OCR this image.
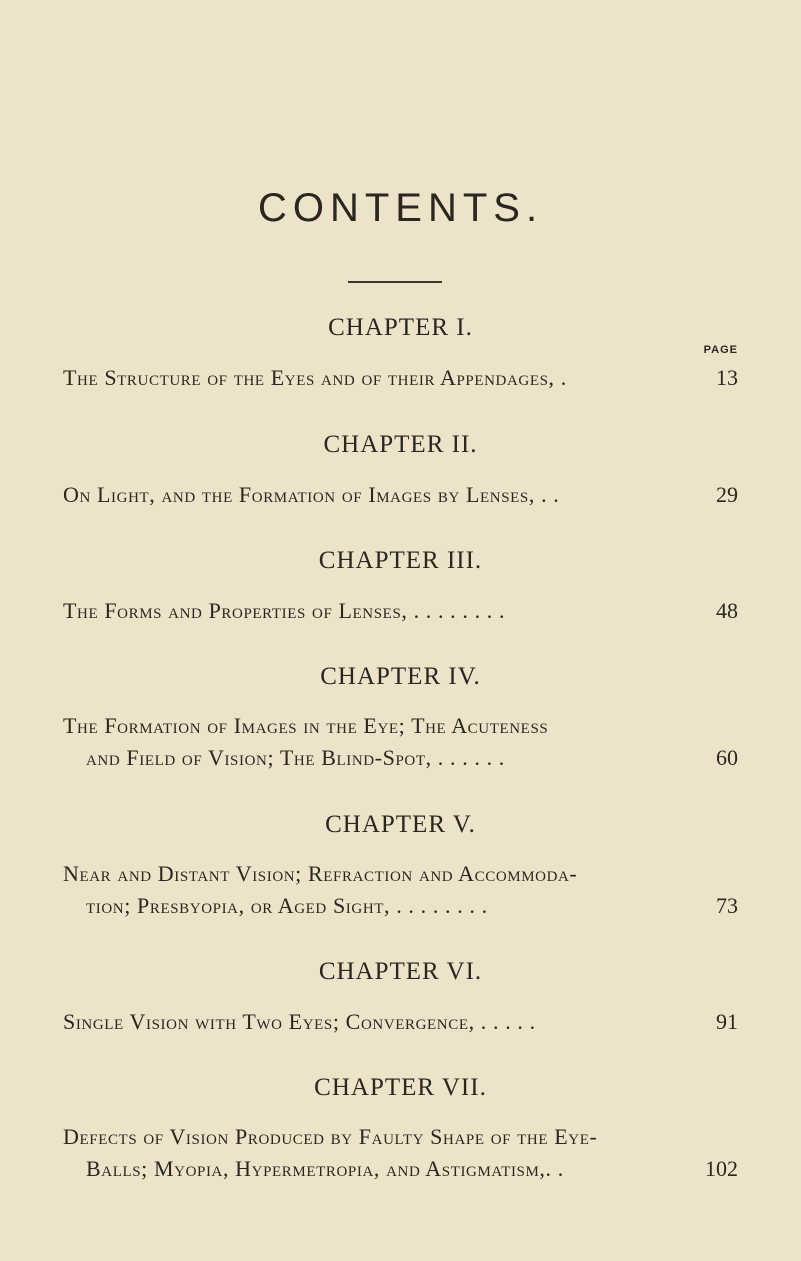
CONTENTS.
PAGE
CHAPTER I.
The Structure of the Eyes and of their Appendages, .	13
CHAPTER II.
On Light, and the Formation of Images by Lenses, . .	29
CHAPTER III.
The Forms and Properties of Lenses, . . . . . . . .	48
CHAPTER IV.
The Formation of Images in the Eye; The Acuteness
and Field of Vision; The Blind-Spot, . . . . . .	60
CHAPTER V.
Near and Distant Vision; Refraction and Accommoda-
tion; Presbyopia, or Aged Sight, . . . . . . . .	73
CHAPTER VI.
Single Vision with Two Eyes; Convergence, . . . . .	91
CHAPTER VII.
Defects of Vision Produced by Faulty Shape of the Eye-
Balls; Myopia, Hypermetropia, and Astigmatism,. .	102
